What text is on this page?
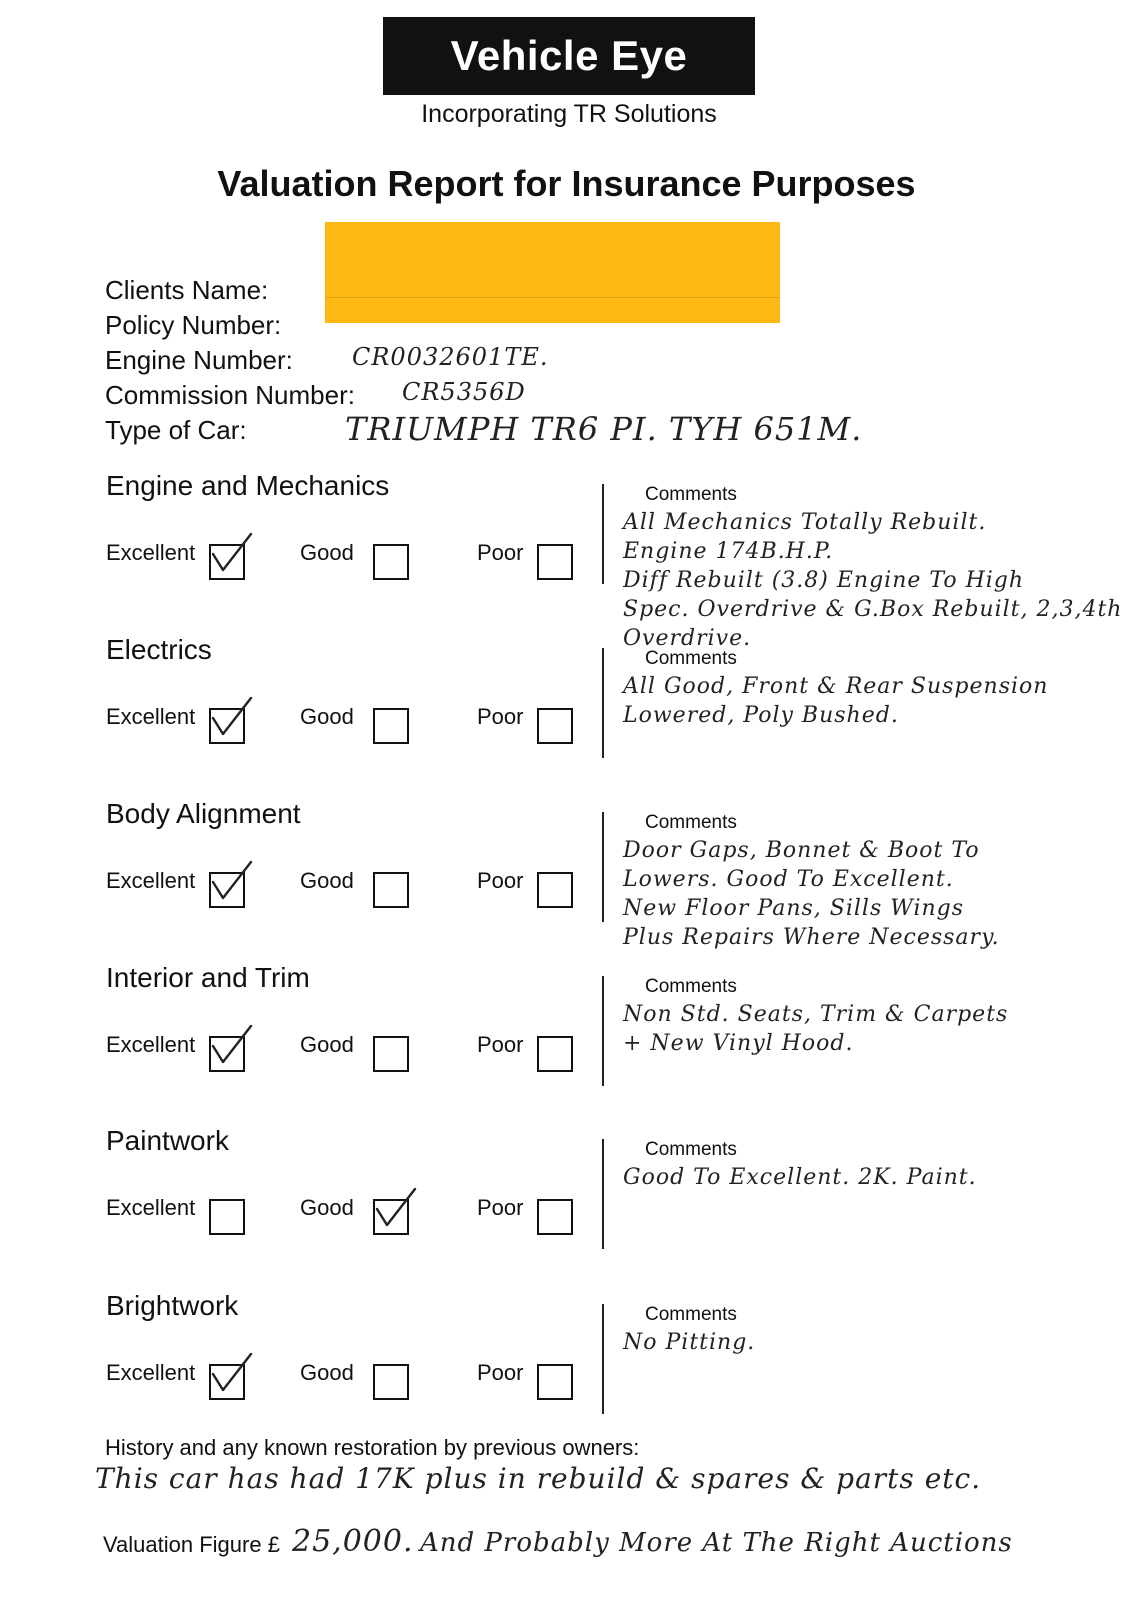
Vehicle Eye
Incorporating TR Solutions
Valuation Report for Insurance Purposes
Clients Name:
Policy Number:
Engine Number: CR0032601TE.
Commission Number: CR5356D
Type of Car:	TRIUMPH TR6 PI. TYH 651M.
Engine and Mechanics
Excellent	Good	Poor
Comments
All Mechanics Totally Rebuilt.
Engine 174B.H.P.
Diff Rebuilt (3.8) Engine To High
Spec. Overdrive & G.Box Rebuilt, 2,3,4th
Overdrive.
Electrics
Excellent	Good	Poor
Comments
All Good, Front & Rear Suspension
Lowered, Poly Bushed.
Body Alignment
Excellent	Good	Poor
Comments
Door Gaps, Bonnet & Boot To
Lowers. Good To Excellent.
New Floor Pans, Sills Wings
Plus Repairs Where Necessary.
Interior and Trim
Excellent	Good	Poor
Comments
Non Std. Seats, Trim & Carpets
+ New Vinyl Hood.
Paintwork
Excellent	Good	Poor
Comments
Good To Excellent. 2K. Paint.
Brightwork
Excellent	Good	Poor
Comments
No Pitting.
History and any known restoration by previous owners:
This car has had 17K plus in rebuild & spares & parts etc.
Valuation Figure £ 25,000. And Probably More At The Right Auctions
